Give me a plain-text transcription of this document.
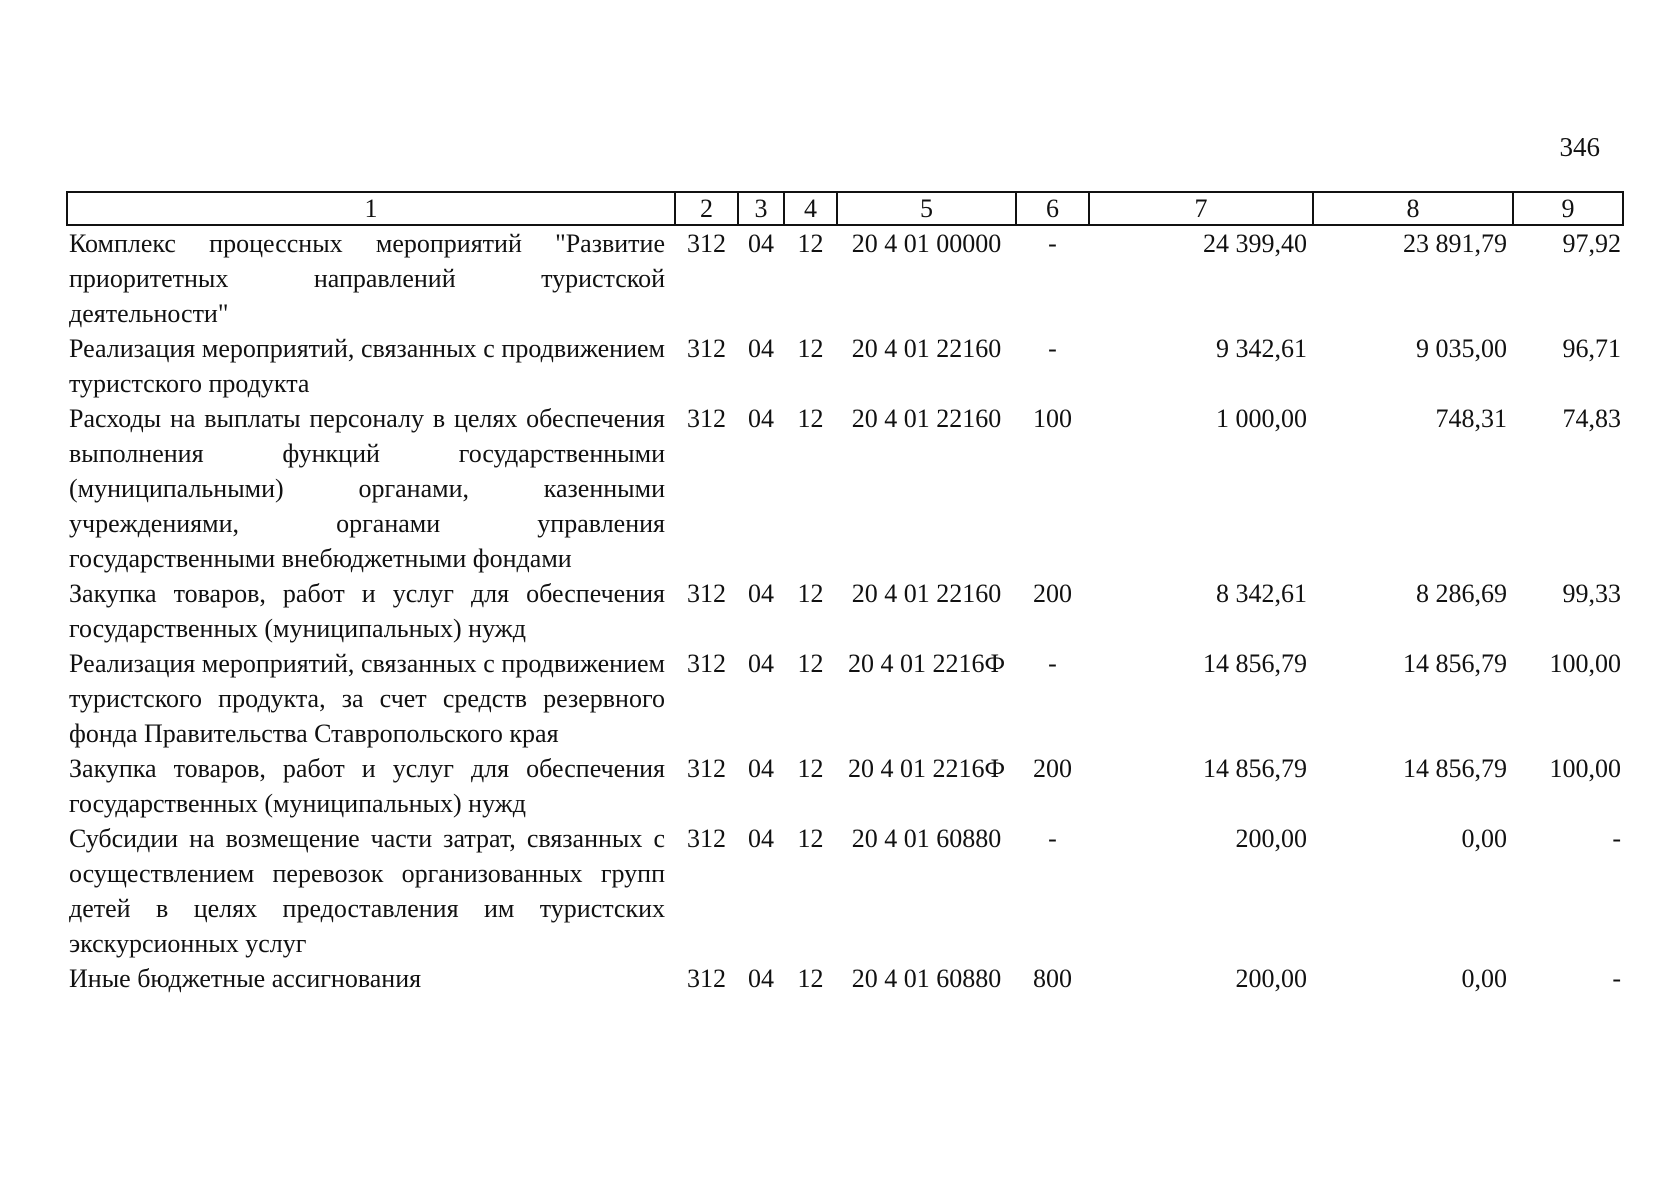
346
1	2	3	4	5	6	7	8	9
Комплекс процессных мероприятий "Развитие приоритетных направлений туристской деятельности"	312	04	12	20 4 01 00000	-	24 399,40	23 891,79	97,92
Реализация мероприятий, связанных с продвижением туристского продукта	312	04	12	20 4 01 22160	-	9 342,61	9 035,00	96,71
Расходы на выплаты персоналу в целях обеспечения выполнения функций государственными (муниципальными) органами, казенными учреждениями, органами управления государственными внебюджетными фондами	312	04	12	20 4 01 22160	100	1 000,00	748,31	74,83
Закупка товаров, работ и услуг для обеспечения государственных (муниципальных) нужд	312	04	12	20 4 01 22160	200	8 342,61	8 286,69	99,33
Реализация мероприятий, связанных с продвижением туристского продукта, за счет средств резервного фонда Правительства Ставропольского края	312	04	12	20 4 01 2216Ф	-	14 856,79	14 856,79	100,00
Закупка товаров, работ и услуг для обеспечения государственных (муниципальных) нужд	312	04	12	20 4 01 2216Ф	200	14 856,79	14 856,79	100,00
Субсидии на возмещение части затрат, связанных с осуществлением перевозок организованных групп детей в целях предоставления им туристских экскурсионных услуг	312	04	12	20 4 01 60880	-	200,00	0,00	-
Иные бюджетные ассигнования	312	04	12	20 4 01 60880	800	200,00	0,00	-
